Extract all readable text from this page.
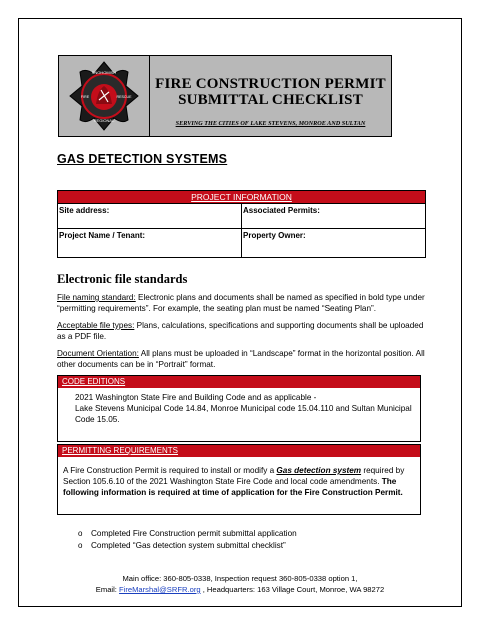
SNOHOMISH
REGIONAL
FIRE	RESCUE
FIRE CONSTRUCTION PERMIT
SUBMITTAL CHECKLIST
SERVING THE CITIES OF LAKE STEVENS, MONROE AND SULTAN
GAS DETECTION SYSTEMS
PROJECT INFORMATION
Site address:	Associated Permits:
Project Name / Tenant:	Property Owner:
Electronic file standards
File naming standard: Electronic plans and documents shall be named as specified in bold type under “permitting requirements”. For example, the seating plan must be named “Seating Plan”.
Acceptable file types: Plans, calculations, specifications and supporting documents shall be uploaded as a PDF file.
Document Orientation: All plans must be uploaded in “Landscape” format in the horizontal position. All other documents can be in “Portrait” format.
CODE EDITIONS
2021 Washington State Fire and Building Code and as applicable -
Lake Stevens Municipal Code 14.84, Monroe Municipal code 15.04.110 and Sultan Municipal Code 15.05.
PERMITTING REQUIREMENTS
A Fire Construction Permit is required to install or modify a Gas detection system required by Section 105.6.10 of the 2021 Washington State Fire Code and local code amendments. The following information is required at time of application for the Fire Construction Permit.
o	Completed Fire Construction permit submittal application
o	Completed “Gas detection system submittal checklist”
Main office: 360-805-0338, Inspection request 360-805-0338 option 1,
Email: FireMarshal@SRFR.org , Headquarters: 163 Village Court, Monroe, WA 98272
